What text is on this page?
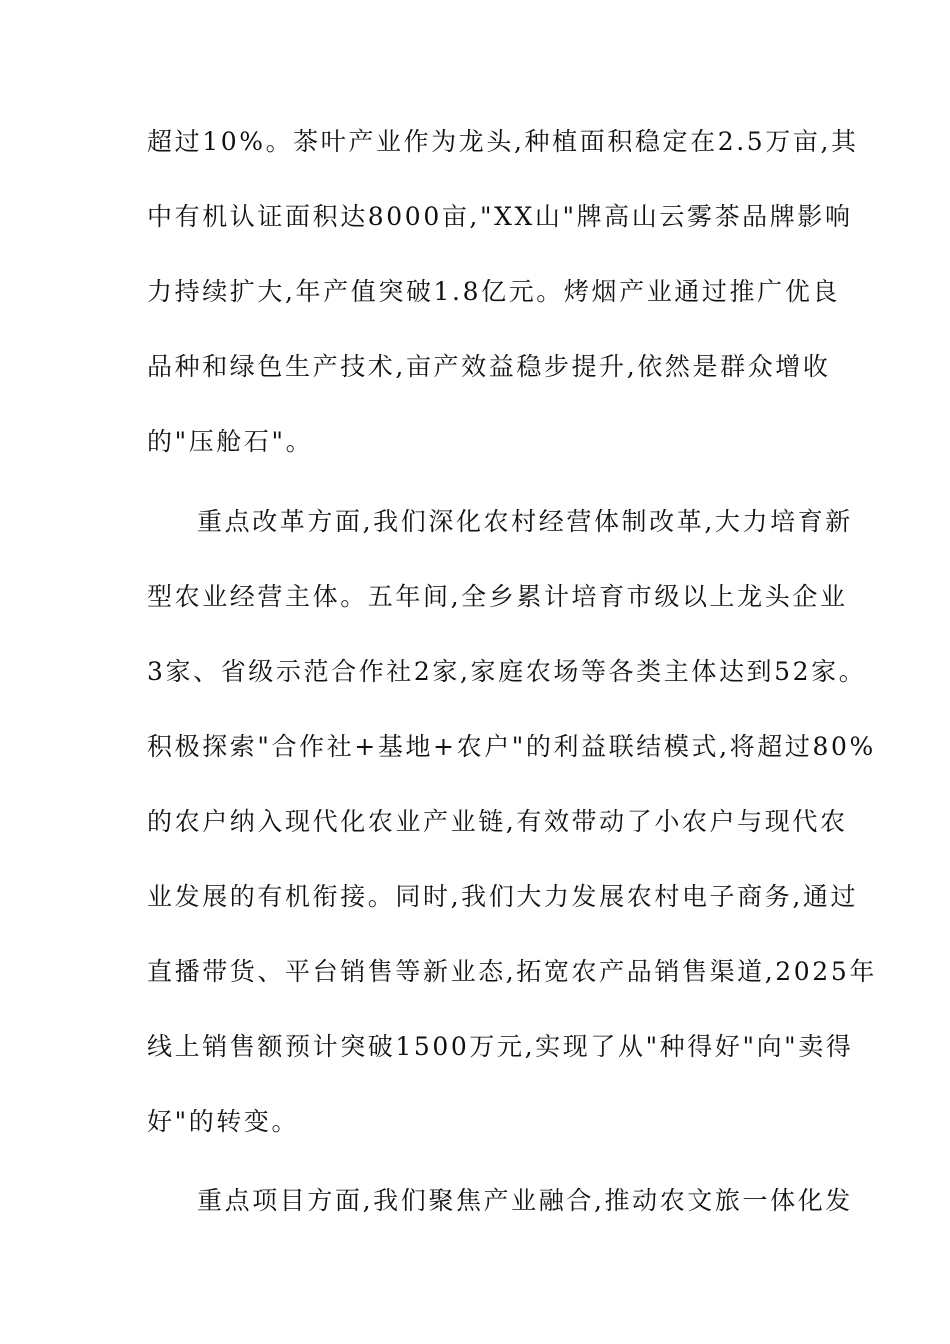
超过10%。茶叶产业作为龙头,种植面积稳定在2.5万亩,其
中有机认证面积达8000亩,"XX山"牌高山云雾茶品牌影响
力持续扩大,年产值突破1.8亿元。烤烟产业通过推广优良
品种和绿色生产技术,亩产效益稳步提升,依然是群众增收
的"压舱石"。
重点改革方面,我们深化农村经营体制改革,大力培育新
型农业经营主体。五年间,全乡累计培育市级以上龙头企业
3家、省级示范合作社2家,家庭农场等各类主体达到52家。
积极探索"合作社+基地+农户"的利益联结模式,将超过80%
的农户纳入现代化农业产业链,有效带动了小农户与现代农
业发展的有机衔接。同时,我们大力发展农村电子商务,通过
直播带货、平台销售等新业态,拓宽农产品销售渠道,2025年
线上销售额预计突破1500万元,实现了从"种得好"向"卖得
好"的转变。
重点项目方面,我们聚焦产业融合,推动农文旅一体化发
